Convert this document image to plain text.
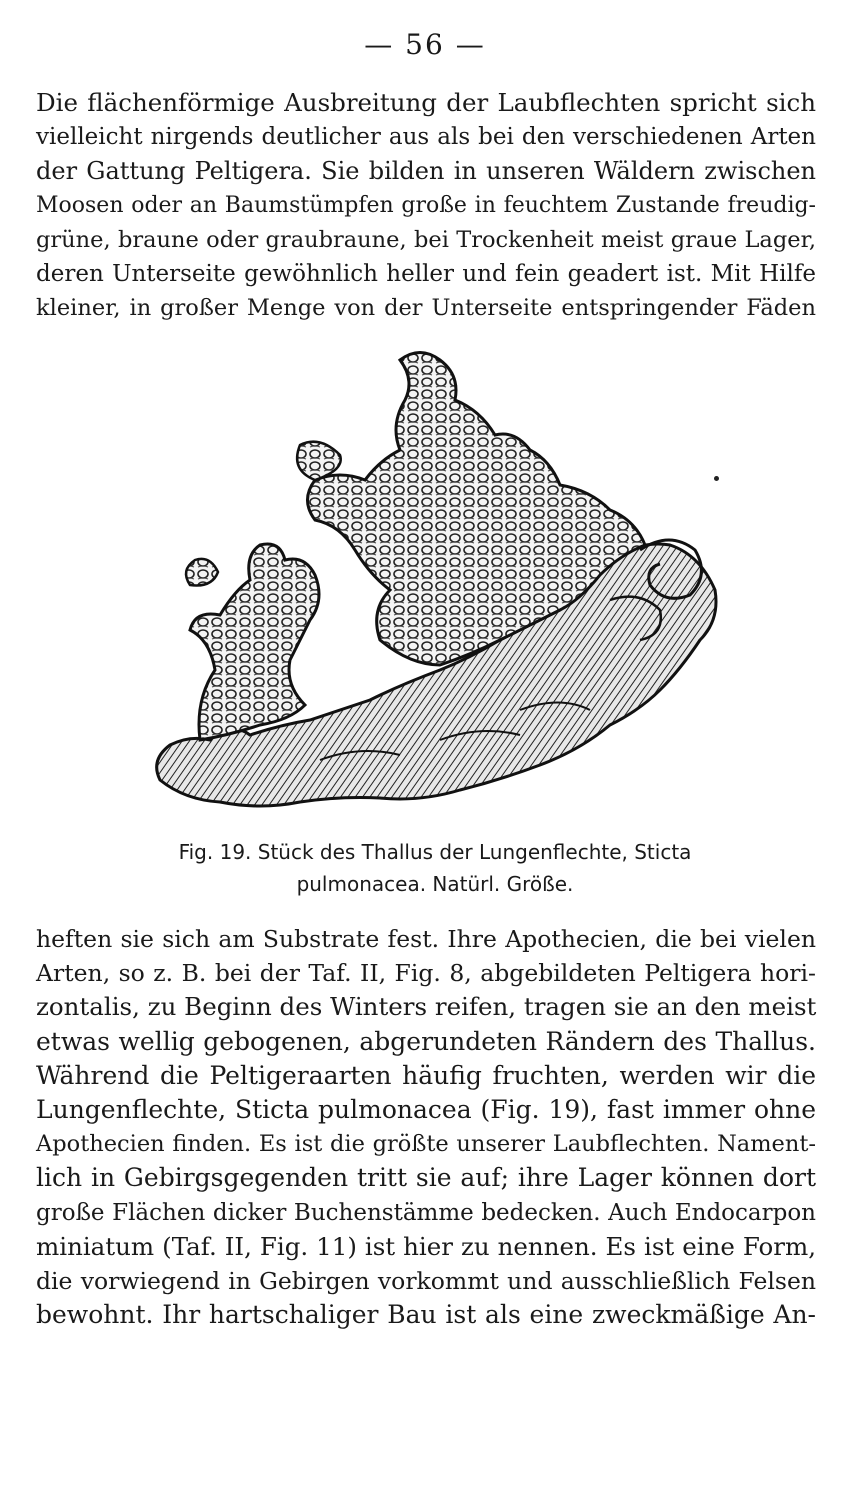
— 56 —
Die flächenförmige Ausbreitung der Laubflechten spricht sich
vielleicht nirgends deutlicher aus als bei den verschiedenen Arten
der Gattung Peltigera. Sie bilden in unseren Wäldern zwischen
Moosen oder an Baumstümpfen große in feuchtem Zustande freudig-
grüne, braune oder graubraune, bei Trockenheit meist graue Lager,
deren Unterseite gewöhnlich heller und fein geadert ist. Mit Hilfe
kleiner, in großer Menge von der Unterseite entspringender Fäden
Fig. 19. Stück des Thallus der Lungenflechte, Sticta
pulmonacea. Natürl. Größe.
heften sie sich am Substrate fest. Ihre Apothecien, die bei vielen
Arten, so z. B. bei der Taf. II, Fig. 8, abgebildeten Peltigera hori-
zontalis, zu Beginn des Winters reifen, tragen sie an den meist
etwas wellig gebogenen, abgerundeten Rändern des Thallus.
Während die Peltigeraarten häufig fruchten, werden wir die
Lungenflechte, Sticta pulmonacea (Fig. 19), fast immer ohne
Apothecien finden. Es ist die größte unserer Laubflechten. Nament-
lich in Gebirgsgegenden tritt sie auf; ihre Lager können dort
große Flächen dicker Buchenstämme bedecken. Auch Endocarpon
miniatum (Taf. II, Fig. 11) ist hier zu nennen. Es ist eine Form,
die vorwiegend in Gebirgen vorkommt und ausschließlich Felsen
bewohnt. Ihr hartschaliger Bau ist als eine zweckmäßige An-
